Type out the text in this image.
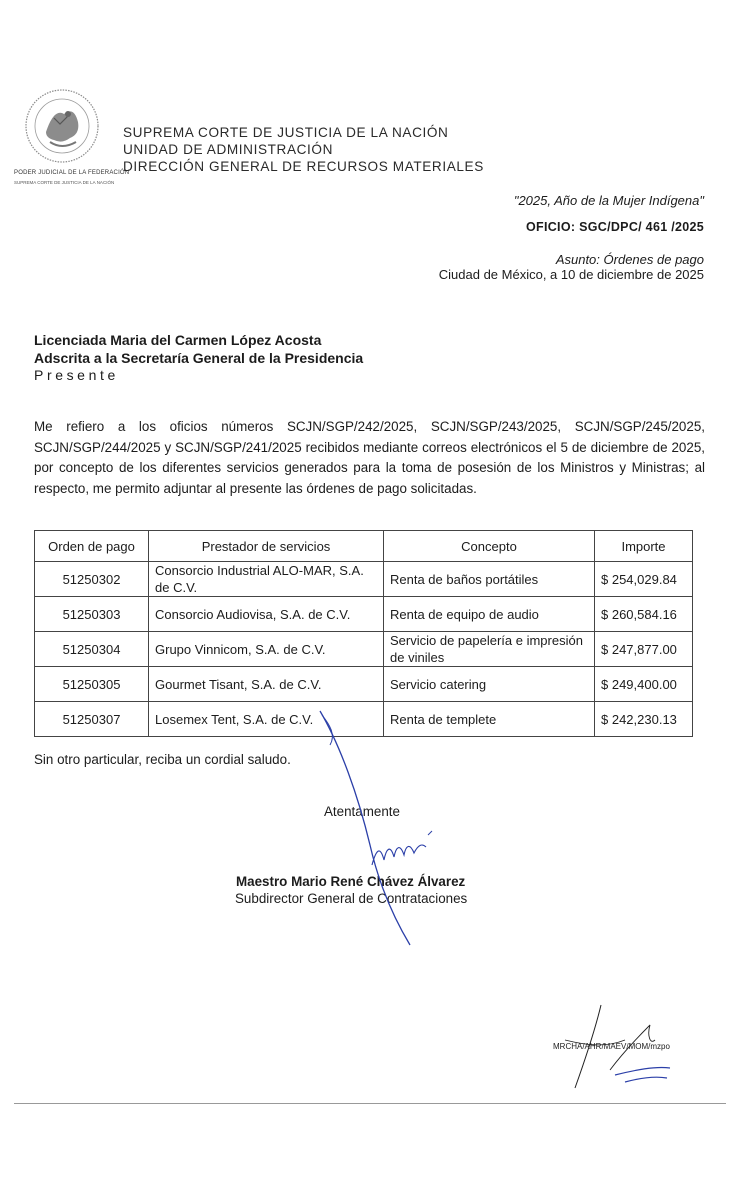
PODER JUDICIAL DE LA FEDERACIÓN
SUPREMA CORTE DE JUSTICIA DE LA NACIÓN
SUPREMA CORTE DE JUSTICIA DE LA NACIÓN
UNIDAD DE ADMINISTRACIÓN
DIRECCIÓN GENERAL DE RECURSOS MATERIALES
"2025, Año de la Mujer Indígena"
OFICIO: SGC/DPC/ 461 /2025
Asunto: Órdenes de pago
Ciudad de México, a 10 de diciembre de 2025
Licenciada Maria del Carmen López Acosta
Adscrita a la Secretaría General de la Presidencia
Presente
Me refiero a los oficios números SCJN/SGP/242/2025, SCJN/SGP/243/2025, SCJN/SGP/245/2025, SCJN/SGP/244/2025 y SCJN/SGP/241/2025 recibidos mediante correos electrónicos el 5 de diciembre de 2025, por concepto de los diferentes servicios generados para la toma de posesión de los Ministros y Ministras; al respecto, me permito adjuntar al presente las órdenes de pago solicitadas.
Orden de pago	Prestador de servicios	Concepto	Importe
51250302	Consorcio Industrial ALO-MAR, S.A. de C.V.	Renta de baños portátiles	$ 254,029.84
51250303	Consorcio Audiovisa, S.A. de C.V.	Renta de equipo de audio	$ 260,584.16
51250304	Grupo Vinnicom, S.A. de C.V.	Servicio de papelería e impresión de viniles	$ 247,877.00
51250305	Gourmet Tisant, S.A. de C.V.	Servicio catering	$ 249,400.00
51250307	Losemex Tent, S.A. de C.V.	Renta de templete	$ 242,230.13
Sin otro particular, reciba un cordial saludo.
Atentamente
Maestro Mario René Chávez Álvarez
Subdirector General de Contrataciones
MRCHA/AHR/MAEV/MOM/mzpo
